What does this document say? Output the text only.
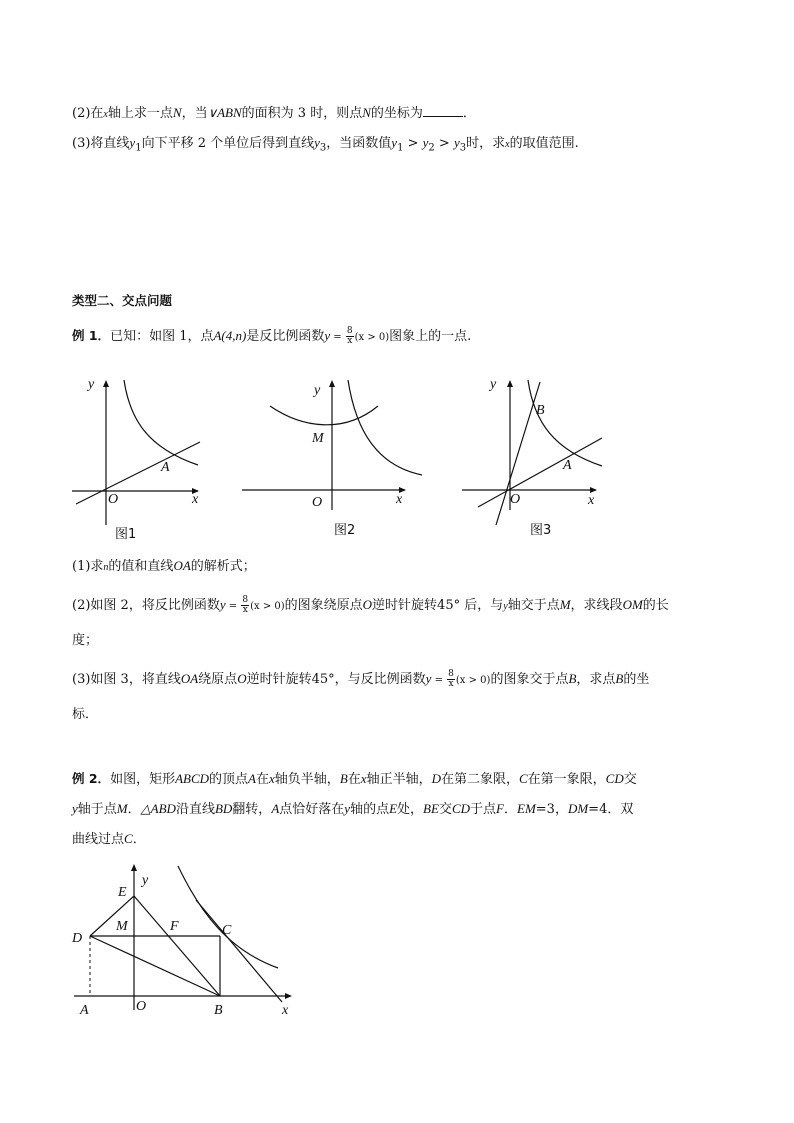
(2)在x轴上求一点N，当∨ABN的面积为 3 时，则点N的坐标为	．
(3)将直线$y_1$向下平移 2 个单位后得到直线$y_3$，当函数值$y_1 > y_2 > y_3$时，求x的取值范围.
类型二、交点问题
例 1．已知：如图 1，点A(4,n)是反比例函数$y = \frac{8}{x} (x > 0)$图象上的一点.
y
x
O
A
图1
y
x
O
M
图2
y
x
O
A
B
图3
(1)求n的值和直线OA的解析式；
(2)如图 2，将反比例函数$y = \frac{8}{x} (x > 0)$的图象绕原点O逆时针旋转45° 后，与y轴交于点M，求线段OM的长
度；
(3)如图 3，将直线OA绕原点O逆时针旋转45°，与反比例函数$y = \frac{8}{x} (x > 0)$的图象交于点B，求点B的坐
标．
例 2．如图，矩形ABCD的顶点A在x轴负半轴，B在x轴正半轴，D在第二象限，C在第一象限，CD交
y轴于点M．△ABD沿直线BD翻转，A点恰好落在y轴的点E处，BE交CD于点F．EM=3，DM=4．双
曲线过点C．
E
y
M	F
D
C
A	O	B	x
